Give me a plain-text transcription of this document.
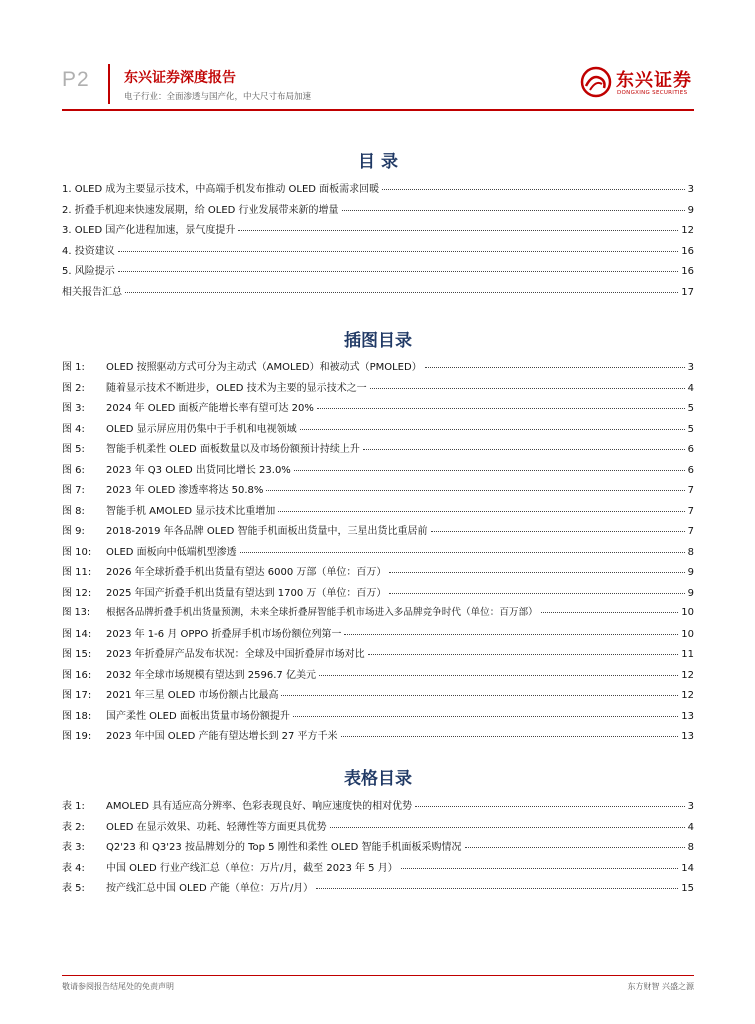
P2 东兴证券深度报告
电子行业：全面渗透与国产化，中大尺寸布局加速
东兴证券
DONGXING SECURITIES
目 录
1. OLED 成为主要显示技术，中高端手机发布推动 OLED 面板需求回暖	3
2. 折叠手机迎来快速发展期，给 OLED 行业发展带来新的增量	9
3. OLED 国产化进程加速，景气度提升	12
4. 投资建议	16
5. 风险提示	16
相关报告汇总	17
插图目录
图 1: OLED 按照驱动方式可分为主动式（AMOLED）和被动式（PMOLED）	3
图 2: 随着显示技术不断进步，OLED 技术为主要的显示技术之一	4
图 3: 2024 年 OLED 面板产能增长率有望可达 20%	5
图 4: OLED 显示屏应用仍集中于手机和电视领域	5
图 5: 智能手机柔性 OLED 面板数量以及市场份额预计持续上升	6
图 6: 2023 年 Q3 OLED 出货同比增长 23.0%	6
图 7: 2023 年 OLED 渗透率将达 50.8%	7
图 8: 智能手机 AMOLED 显示技术比重增加	7
图 9: 2018-2019 年各品牌 OLED 智能手机面板出货量中，三星出货比重居前	7
图 10: OLED 面板向中低端机型渗透	8
图 11: 2026 年全球折叠手机出货量有望达 6000 万部（单位：百万）	9
图 12: 2025 年国产折叠手机出货量有望达到 1700 万（单位：百万）	9
图 13: 根据各品牌折叠手机出货量预测，未来全球折叠屏智能手机市场进入多品牌竞争时代（单位：百万部）	10
图 14: 2023 年 1-6 月 OPPO 折叠屏手机市场份额位列第一	10
图 15: 2023 年折叠屏产品发布状况：全球及中国折叠屏市场对比	11
图 16: 2032 年全球市场规模有望达到 2596.7 亿美元	12
图 17: 2021 年三星 OLED 市场份额占比最高	12
图 18: 国产柔性 OLED 面板出货量市场份额提升	13
图 19: 2023 年中国 OLED 产能有望达增长到 27 平方千米	13
表格目录
表 1: AMOLED 具有适应高分辨率、色彩表现良好、响应速度快的相对优势	3
表 2: OLED 在显示效果、功耗、轻薄性等方面更具优势	4
表 3: Q2'23 和 Q3'23 按品牌划分的 Top 5 刚性和柔性 OLED 智能手机面板采购情况	8
表 4: 中国 OLED 行业产线汇总（单位：万片/月，截至 2023 年 5 月）	14
表 5: 按产线汇总中国 OLED 产能（单位：万片/月）	15
敬请参阅报告结尾处的免责声明	东方财智 兴盛之源
